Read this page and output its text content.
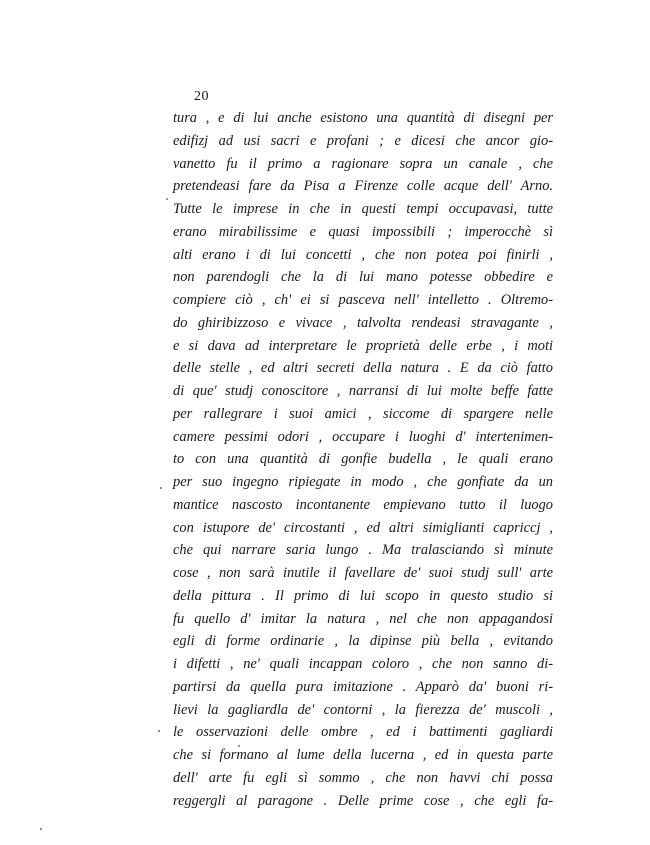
20
tura , e di lui anche esistono una quantità di disegni per
edifizj ad usi sacri e profani ; e dicesi che ancor gio-
vanetto fu il primo a ragionare sopra un canale , che
pretendeasi fare da Pisa a Firenze colle acque dell' Arno.
Tutte le imprese in che in questi tempi occupavasi, tutte
erano mirabilissime e quasi impossibili ; imperocchè sì
alti erano i di lui concetti , che non potea poi finirli ,
non parendogli che la di lui mano potesse obbedire e
compiere ciò , ch' ei si pasceva nell' intelletto . Oltremo-
do ghiribizzoso e vivace , talvolta rendeasi stravagante ,
e si dava ad interpretare le proprietà delle erbe , i moti
delle stelle , ed altri secreti della natura . E da ciò fatto
di que' studj conoscitore , narransi di lui molte beffe fatte
per rallegrare i suoi amici , siccome di spargere nelle
camere pessimi odori , occupare i luoghi d' intertenimen-
to con una quantità di gonfie budella , le quali erano
per suo ingegno ripiegate in modo , che gonfiate da un
mantice nascosto incontanente empievano tutto il luogo
con istupore de' circostanti , ed altri simiglianti capriccj ,
che qui narrare saria lungo . Ma tralasciando sì minute
cose , non sarà inutile il favellare de' suoi studj sull' arte
della pittura . Il primo di lui scopo in questo studio si
fu quello d' imitar la natura , nel che non appagandosi
egli di forme ordinarie , la dipinse più bella , evitando
i difetti , ne' quali incappan coloro , che non sanno di-
partirsi da quella pura imitazione . Apparò da' buoni ri-
lievi la gagliardla de' contorni , la fierezza de' muscoli ,
le osservazioni delle ombre , ed i battimenti gagliardi
che si formano al lume della lucerna , ed in questa parte
dell' arte fu egli sì sommo , che non havvi chi possa
reggergli al paragone . Delle prime cose , che egli fa-
